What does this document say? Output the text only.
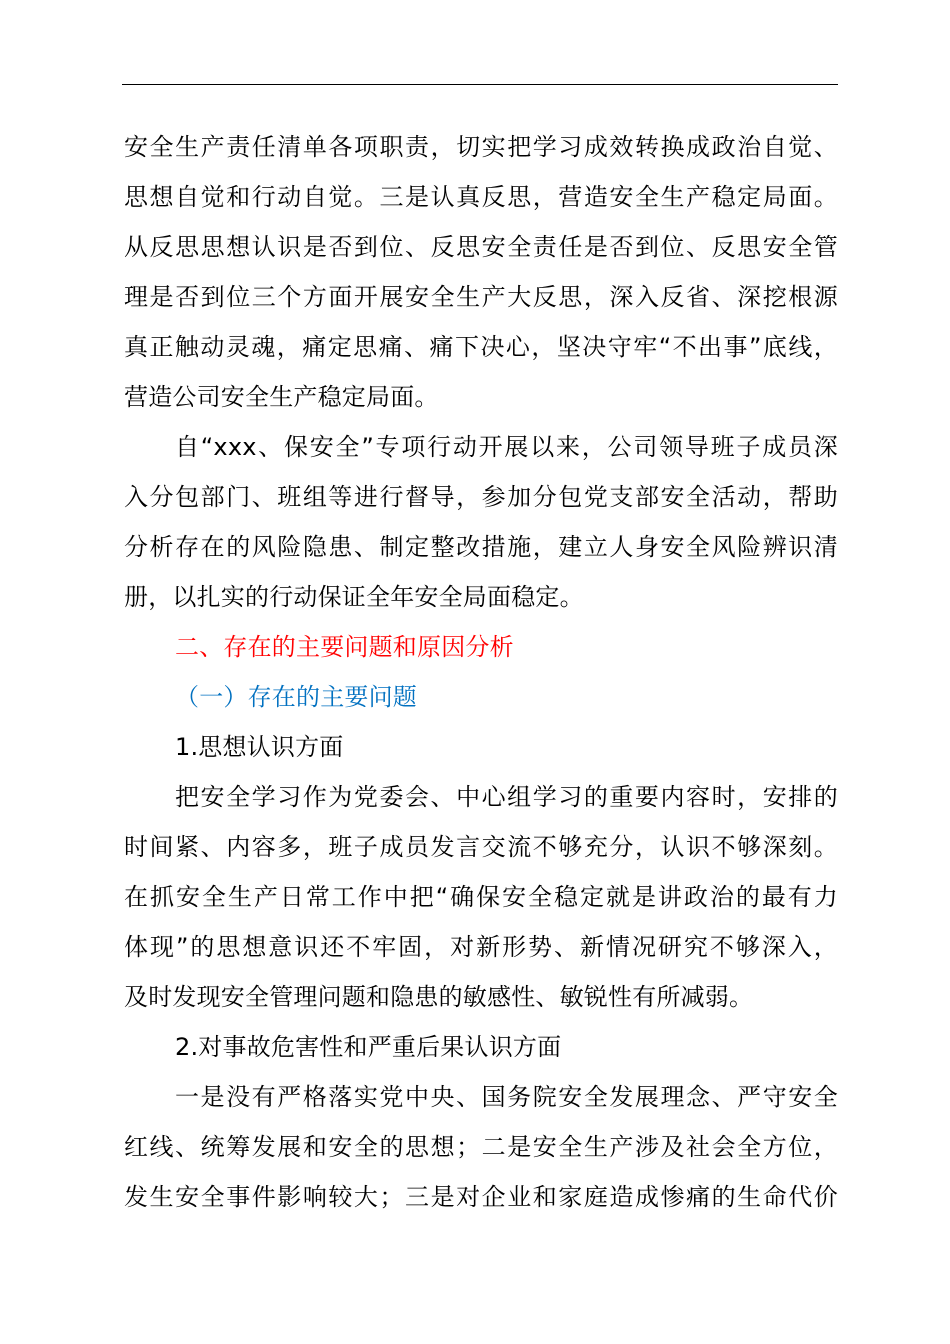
安全生产责任清单各项职责，切实把学习成效转换成政治自觉、
思想自觉和行动自觉。三是认真反思，营造安全生产稳定局面。
从反思思想认识是否到位、反思安全责任是否到位、反思安全管
理是否到位三个方面开展安全生产大反思，深入反省、深挖根源
真正触动灵魂，痛定思痛、痛下决心，坚决守牢“不出事”底线，
营造公司安全生产稳定局面。
自“xxx、保安全”专项行动开展以来，公司领导班子成员深
入分包部门、班组等进行督导，参加分包党支部安全活动，帮助
分析存在的风险隐患、制定整改措施，建立人身安全风险辨识清
册，以扎实的行动保证全年安全局面稳定。
二、存在的主要问题和原因分析
（一）存在的主要问题
1.思想认识方面
把安全学习作为党委会、中心组学习的重要内容时，安排的
时间紧、内容多，班子成员发言交流不够充分，认识不够深刻。
在抓安全生产日常工作中把“确保安全稳定就是讲政治的最有力
体现”的思想意识还不牢固，对新形势、新情况研究不够深入，
及时发现安全管理问题和隐患的敏感性、敏锐性有所减弱。
2.对事故危害性和严重后果认识方面
一是没有严格落实党中央、国务院安全发展理念、严守安全
红线、统筹发展和安全的思想；二是安全生产涉及社会全方位，
发生安全事件影响较大；三是对企业和家庭造成惨痛的生命代价
